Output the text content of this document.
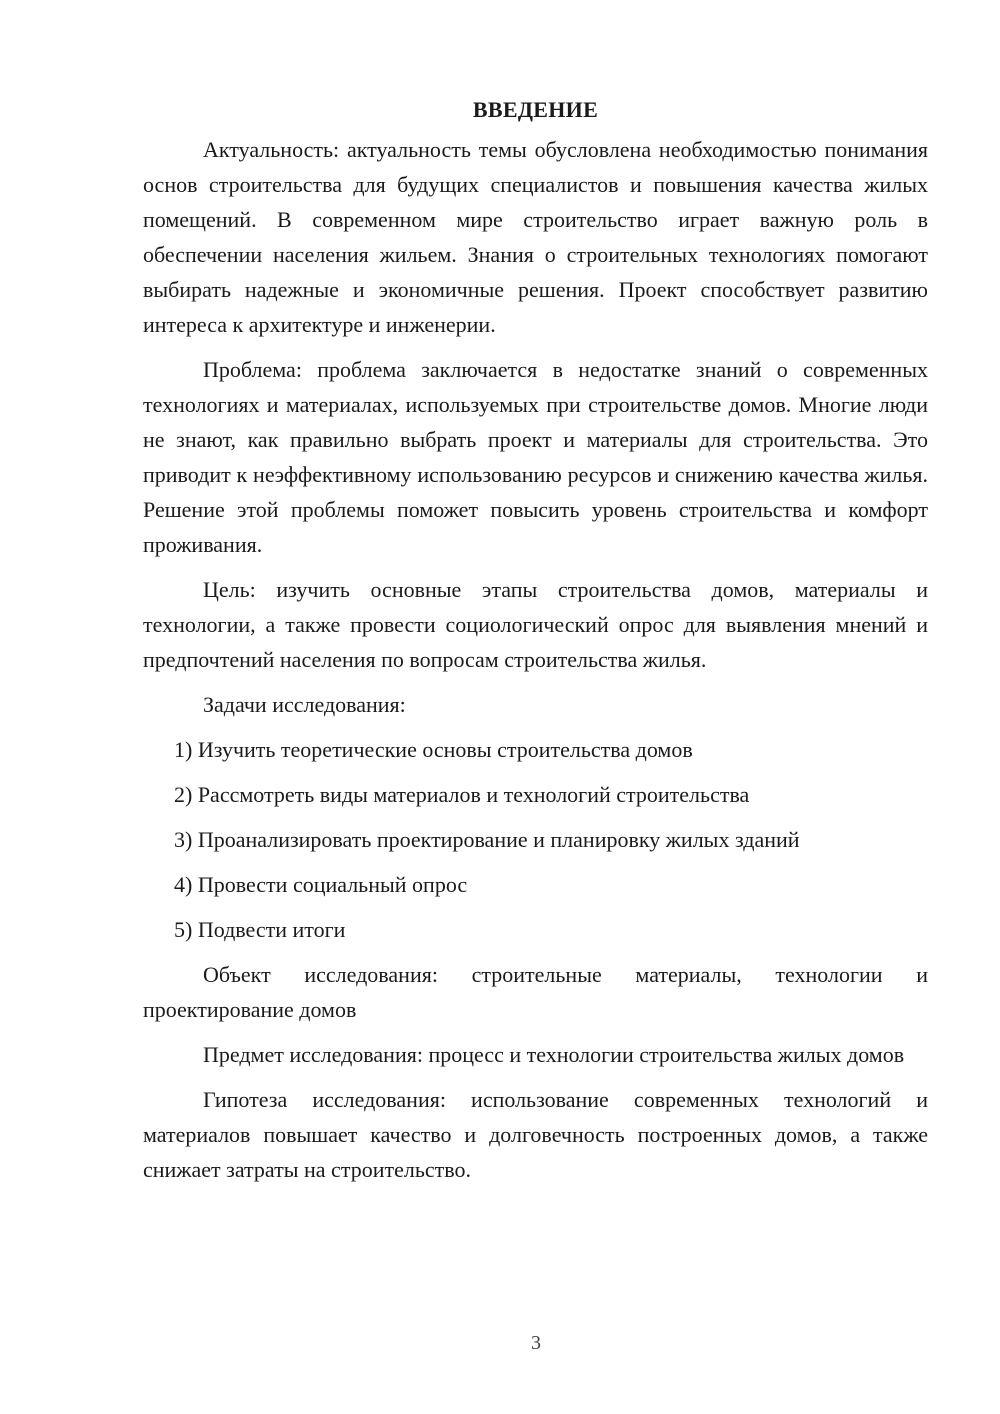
ВВЕДЕНИЕ

Актуальность: актуальность темы обусловлена необходимостью понимания основ строительства для будущих специалистов и повышения качества жилых помещений. В современном мире строительство играет важную роль в обеспечении населения жильем. Знания о строительных технологиях помогают выбирать надежные и экономичные решения. Проект способствует развитию интереса к архитектуре и инженерии.

Проблема: проблема заключается в недостатке знаний о современных технологиях и материалах, используемых при строительстве домов. Многие люди не знают, как правильно выбрать проект и материалы для строительства. Это приводит к неэффективному использованию ресурсов и снижению качества жилья. Решение этой проблемы поможет повысить уровень строительства и комфорт проживания.

Цель: изучить основные этапы строительства домов, материалы и технологии, а также провести социологический опрос для выявления мнений и предпочтений населения по вопросам строительства жилья.

Задачи исследования:

1) Изучить теоретические основы строительства домов
2) Рассмотреть виды материалов и технологий строительства
3) Проанализировать проектирование и планировку жилых зданий
4) Провести социальный опрос
5) Подвести итоги

Объект исследования: строительные материалы, технологии и проектирование домов

Предмет исследования: процесс и технологии строительства жилых домов

Гипотеза исследования: использование современных технологий и материалов повышает качество и долговечность построенных домов, а также снижает затраты на строительство.

3
